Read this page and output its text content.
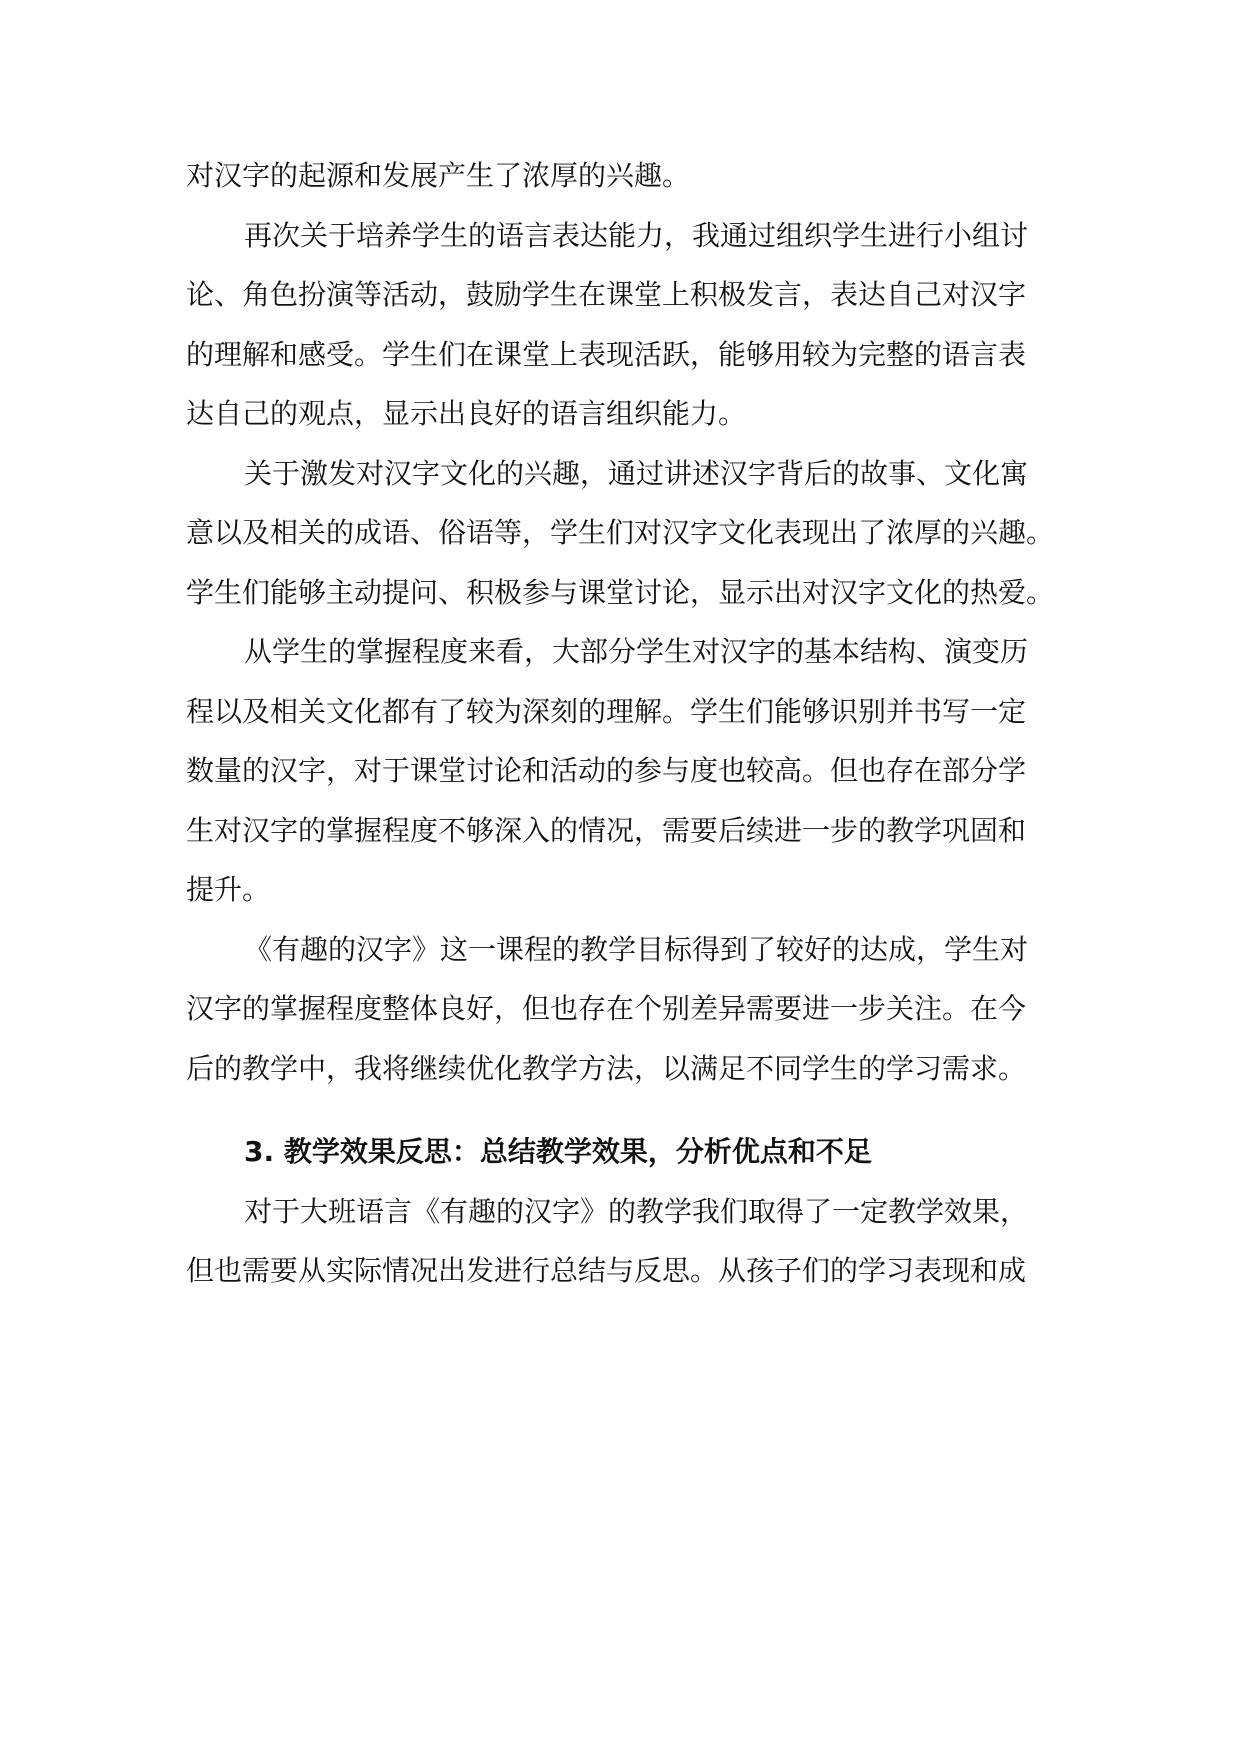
对汉字的起源和发展产生了浓厚的兴趣。

再次关于培养学生的语言表达能力，我通过组织学生进行小组讨
论、角色扮演等活动，鼓励学生在课堂上积极发言，表达自己对汉字
的理解和感受。学生们在课堂上表现活跃，能够用较为完整的语言表
达自己的观点，显示出良好的语言组织能力。

关于激发对汉字文化的兴趣，通过讲述汉字背后的故事、文化寓
意以及相关的成语、俗语等，学生们对汉字文化表现出了浓厚的兴趣。
学生们能够主动提问、积极参与课堂讨论，显示出对汉字文化的热爱。

从学生的掌握程度来看，大部分学生对汉字的基本结构、演变历
程以及相关文化都有了较为深刻的理解。学生们能够识别并书写一定
数量的汉字，对于课堂讨论和活动的参与度也较高。但也存在部分学
生对汉字的掌握程度不够深入的情况，需要后续进一步的教学巩固和
提升。

《有趣的汉字》这一课程的教学目标得到了较好的达成，学生对
汉字的掌握程度整体良好，但也存在个别差异需要进一步关注。在今
后的教学中，我将继续优化教学方法，以满足不同学生的学习需求。

3. 教学效果反思：总结教学效果，分析优点和不足

对于大班语言《有趣的汉字》的教学我们取得了一定教学效果，
但也需要从实际情况出发进行总结与反思。从孩子们的学习表现和成
